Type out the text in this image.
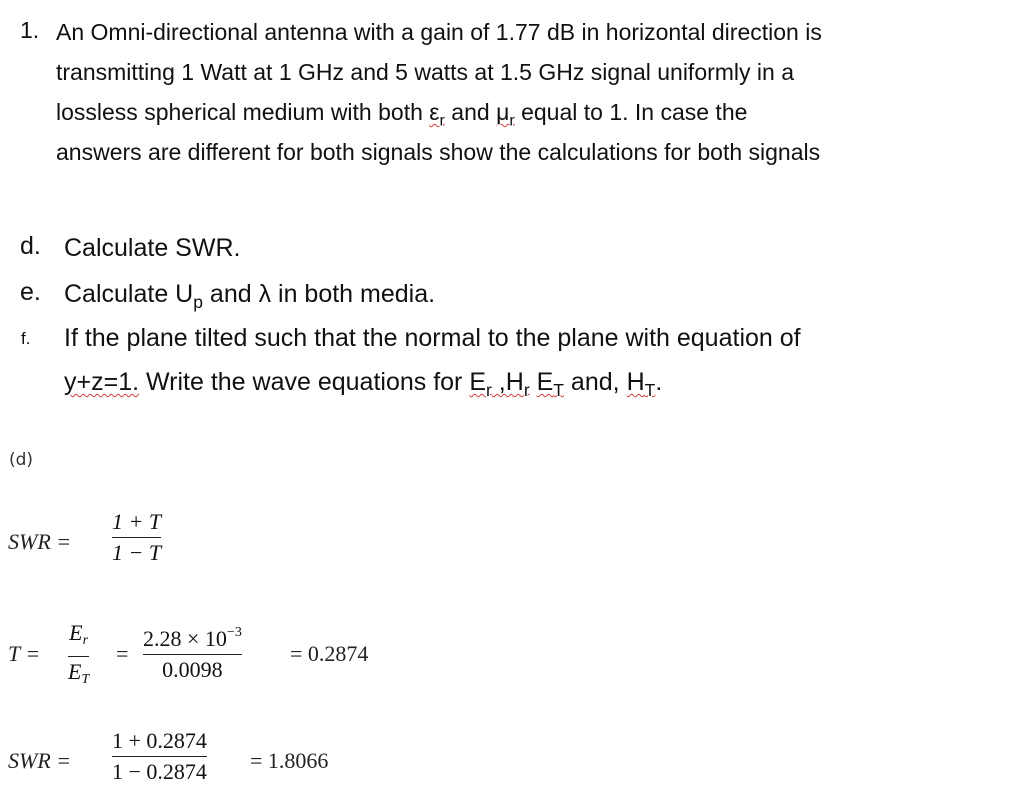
1. An Omni-directional antenna with a gain of 1.77 dB in horizontal direction is
transmitting 1 Watt at 1 GHz and 5 watts at 1.5 GHz signal uniformly in a
lossless spherical medium with both $\varepsilon_r$ and $\mu_r$ equal to 1. In case the
answers are different for both signals show the calculations for both signals
d. Calculate SWR.
e. Calculate $U_p$ and λ in both media.
f. If the plane tilted such that the normal to the plane with equation of
y+z=1. Write the wave equations for $E_r$ $,H_r$ $E_T$ and, $H_T$.
(d)
SWR =
1 + T
1 − T
T =
$E_r$
$E_T$
=
$2.28 \times 10^{-3}$
0.0098
= 0.2874
SWR =
1 + 0.2874
1 − 0.2874 = 1.8066
